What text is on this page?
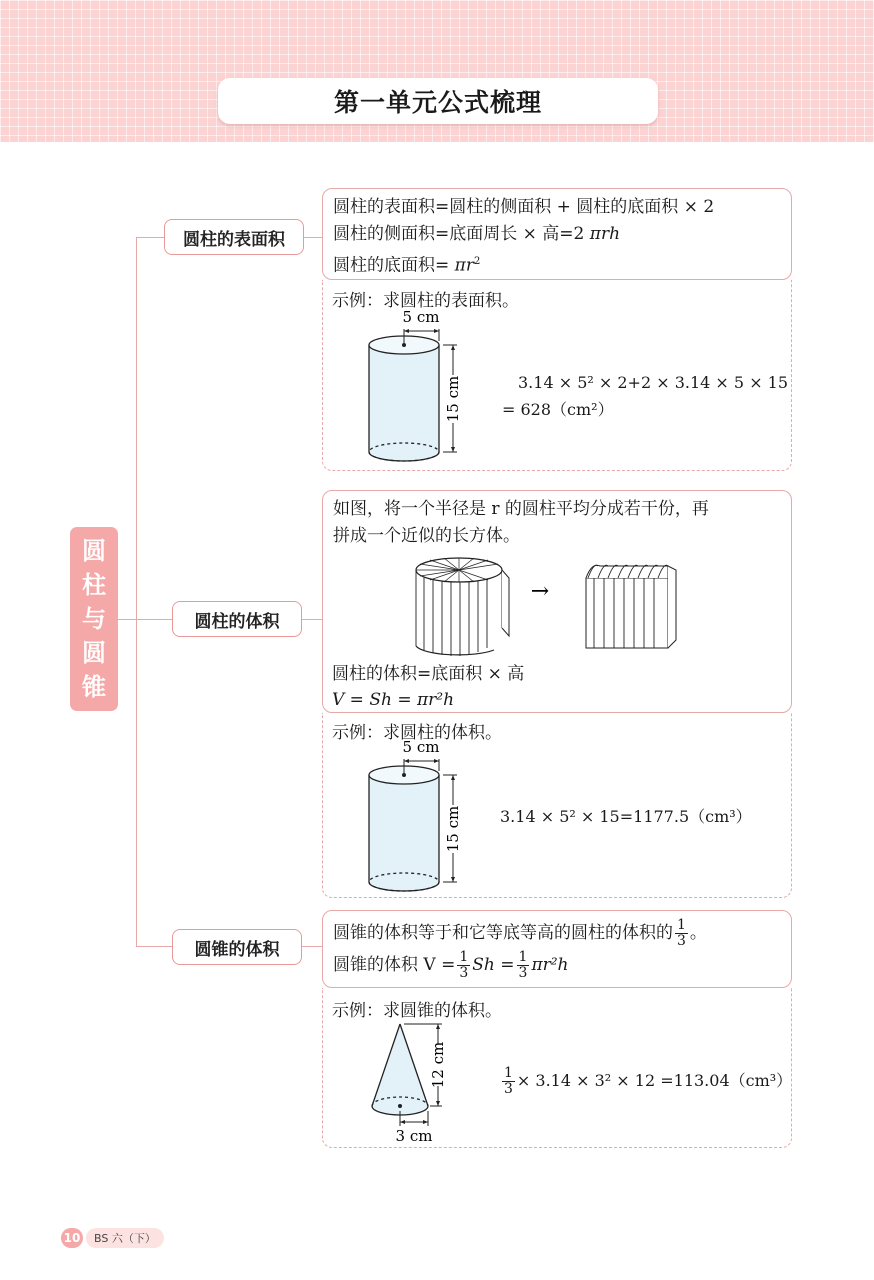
第一单元公式梳理
圆
柱
与
圆
锥
圆柱的表面积
圆柱的表面积=圆柱的侧面积 + 圆柱的底面积 × 2
圆柱的侧面积=底面周长 × 高=2 πrh
圆柱的底面积= $\pi r^2$
示例：求圆柱的表面积。
5 cm
15 cm	3.14 × 5² × 2+2 × 3.14 × 5 × 15
= 628（cm²）
圆柱的体积
如图，将一个半径是 r 的圆柱平均分成若干份，再
拼成一个近似的长方体。
→
圆柱的体积=底面积 × 高
V = Sh = πr²h
示例：求圆柱的体积。
5 cm
15 cm 3.14 × 5² × 15=1177.5（cm³）
圆锥的体积
圆锥的体积等于和它等底等高的圆柱的体积的 $\frac{1}{3}$ 。
圆锥的体积 $V = \frac{1}{3}$ $Sh = \frac{1}{3} \pi r^2h$
示例：求圆锥的体积。
12 cm
3 cm
$\frac{1}{3} \times 3.14 \times 3^2 \times 12 =113.04(cm^3)$
10	BS 六（下）
